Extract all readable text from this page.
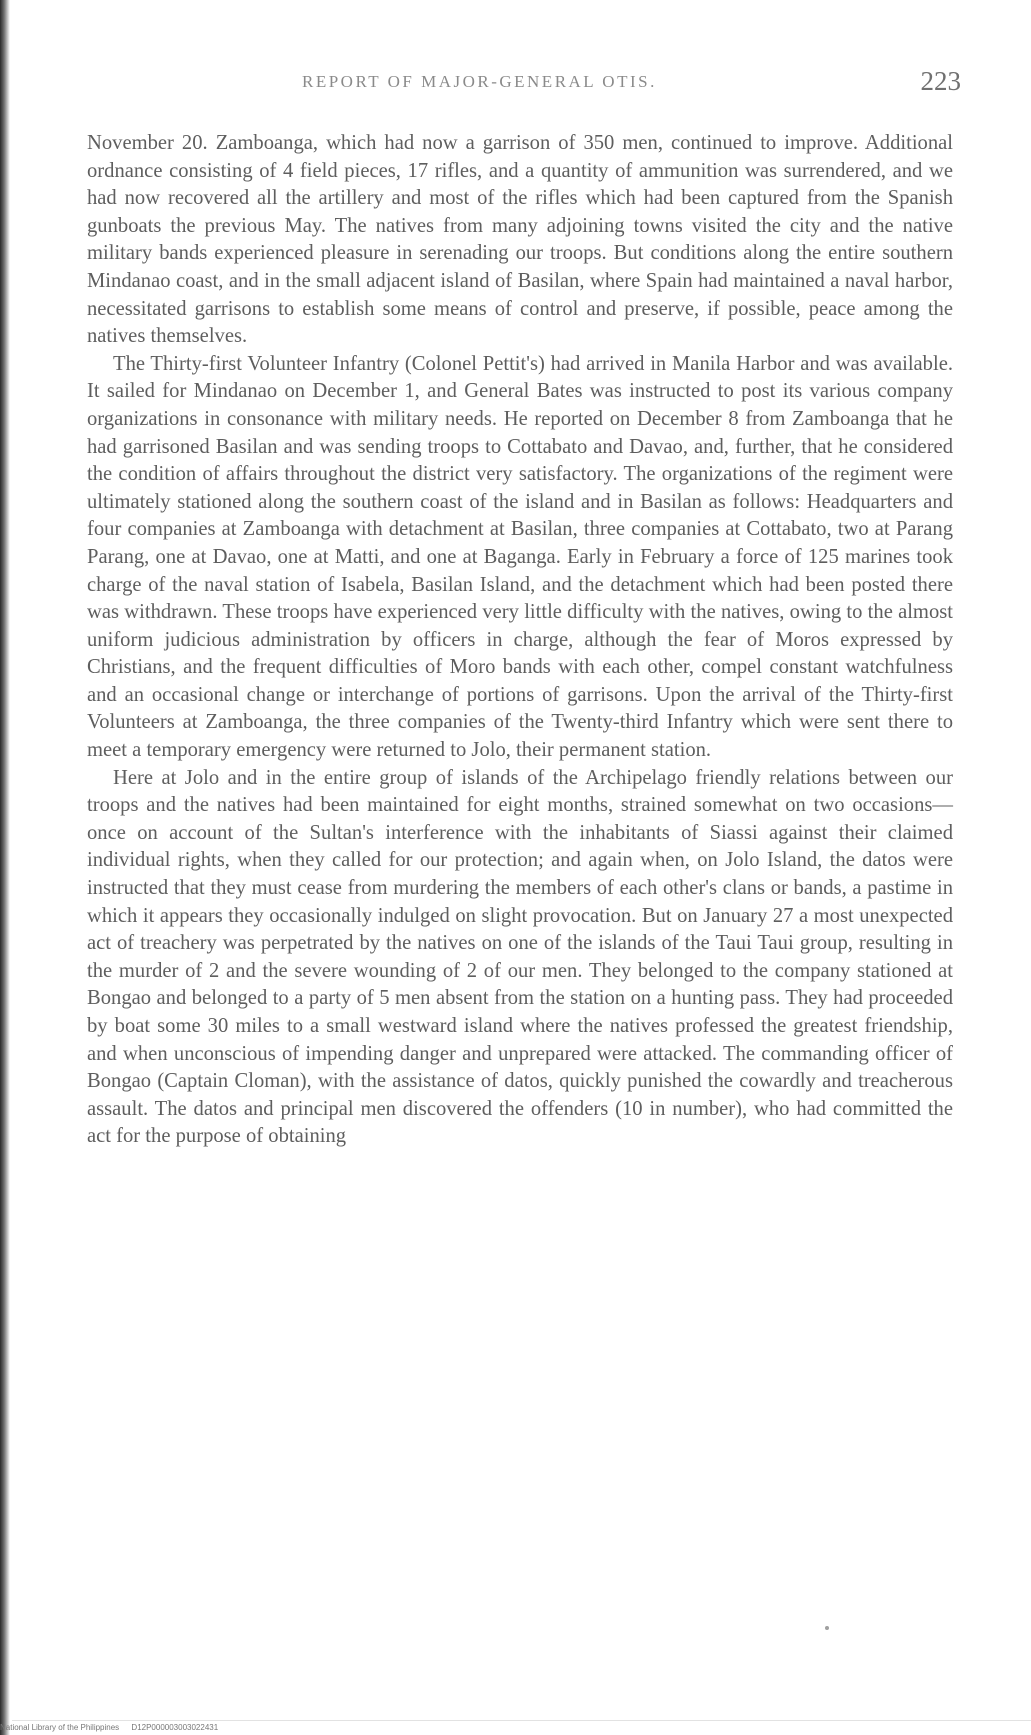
REPORT OF MAJOR-GENERAL OTIS.	223

November 20. Zamboanga, which had now a garrison of 350 men, continued to improve. Additional ordnance consisting of 4 field pieces, 17 rifles, and a quantity of ammunition was surrendered, and we had now recovered all the artillery and most of the rifles which had been captured from the Spanish gunboats the previous May. The natives from many adjoining towns visited the city and the native military bands experienced pleasure in serenading our troops. But conditions along the entire southern Mindanao coast, and in the small adjacent island of Basilan, where Spain had maintained a naval harbor, necessitated garrisons to establish some means of control and preserve, if possible, peace among the natives themselves.

The Thirty-first Volunteer Infantry (Colonel Pettit's) had arrived in Manila Harbor and was available. It sailed for Mindanao on December 1, and General Bates was instructed to post its various company organizations in consonance with military needs. He reported on December 8 from Zamboanga that he had garrisoned Basilan and was sending troops to Cottabato and Davao, and, further, that he considered the condition of affairs throughout the district very satisfactory. The organizations of the regiment were ultimately stationed along the southern coast of the island and in Basilan as follows: Headquarters and four companies at Zamboanga with detachment at Basilan, three companies at Cottabato, two at Parang Parang, one at Davao, one at Matti, and one at Baganga. Early in February a force of 125 marines took charge of the naval station of Isabela, Basilan Island, and the detachment which had been posted there was withdrawn. These troops have experienced very little difficulty with the natives, owing to the almost uniform judicious administration by officers in charge, although the fear of Moros expressed by Christians, and the frequent difficulties of Moro bands with each other, compel constant watchfulness and an occasional change or interchange of portions of garrisons. Upon the arrival of the Thirty-first Volunteers at Zamboanga, the three companies of the Twenty-third Infantry which were sent there to meet a temporary emergency were returned to Jolo, their permanent station.

Here at Jolo and in the entire group of islands of the Archipelago friendly relations between our troops and the natives had been maintained for eight months, strained somewhat on two occasions—once on account of the Sultan's interference with the inhabitants of Siassi against their claimed individual rights, when they called for our protection; and again when, on Jolo Island, the datos were instructed that they must cease from murdering the members of each other's clans or bands, a pastime in which it appears they occasionally indulged on slight provocation. But on January 27 a most unexpected act of treachery was perpetrated by the natives on one of the islands of the Taui Taui group, resulting in the murder of 2 and the severe wounding of 2 of our men. They belonged to the company stationed at Bongao and belonged to a party of 5 men absent from the station on a hunting pass. They had proceeded by boat some 30 miles to a small westward island where the natives professed the greatest friendship, and when unconscious of impending danger and unprepared were attacked. The commanding officer of Bongao (Captain Cloman), with the assistance of datos, quickly punished the cowardly and treacherous assault. The datos and principal men discovered the offenders (10 in number), who had committed the act for the purpose of obtaining

National Library of the Philippines D12P000003003022431
